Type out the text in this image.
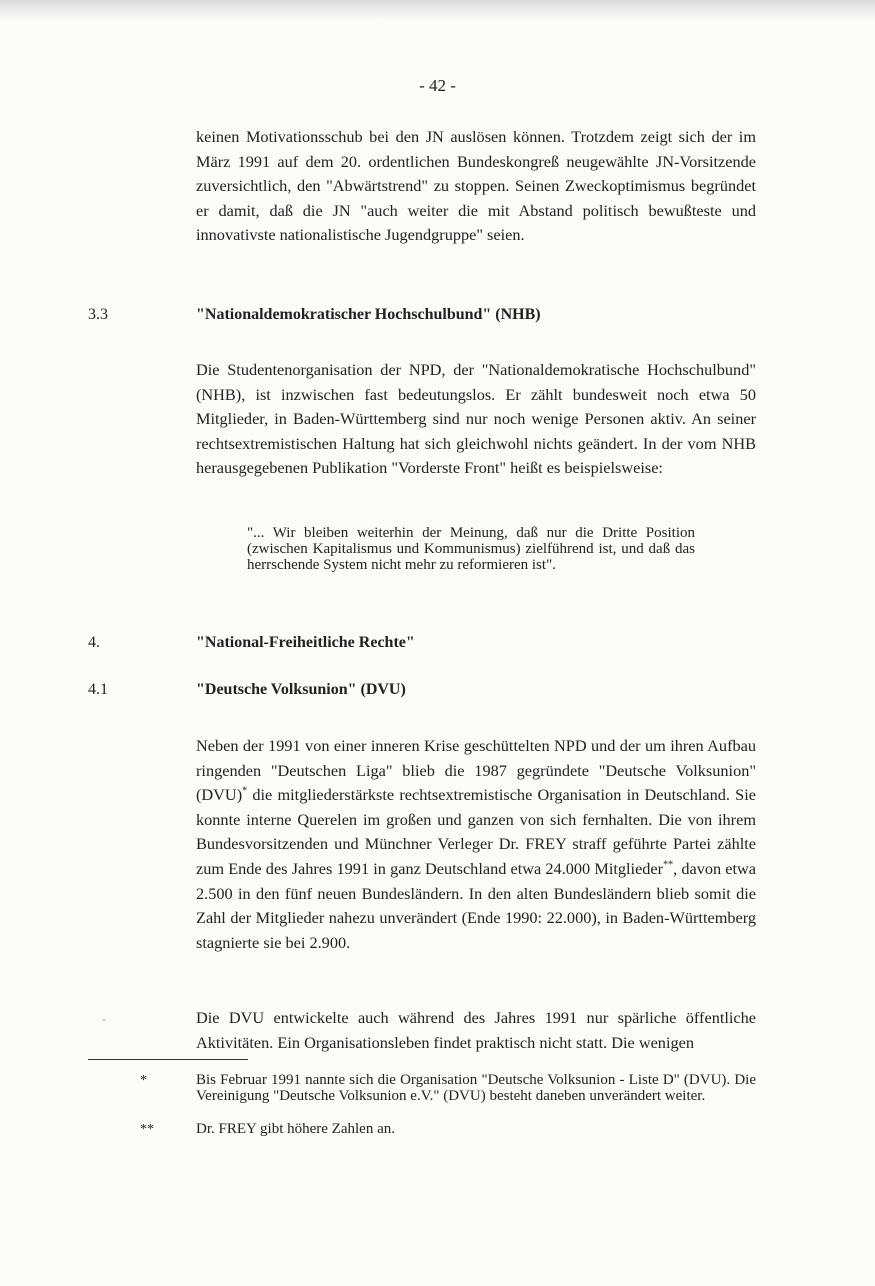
- 42 -

keinen Motivationsschub bei den JN auslösen können. Trotzdem zeigt sich der im März 1991 auf dem 20. ordentlichen Bundeskongreß neugewählte JN-Vorsitzende zuversichtlich, den "Abwärtstrend" zu stoppen. Seinen Zweckoptimismus begründet er damit, daß die JN "auch weiter die mit Abstand politisch bewußteste und innovativste nationalistische Jugendgruppe" seien.

3.3	"Nationaldemokratischer Hochschulbund" (NHB)

Die Studentenorganisation der NPD, der "Nationaldemokratische Hochschulbund" (NHB), ist inzwischen fast bedeutungslos. Er zählt bundesweit noch etwa 50 Mitglieder, in Baden-Württemberg sind nur noch wenige Personen aktiv. An seiner rechtsextremistischen Haltung hat sich gleichwohl nichts geändert. In der vom NHB herausgegebenen Publikation "Vorderste Front" heißt es beispielsweise:

"... Wir bleiben weiterhin der Meinung, daß nur die Dritte Position (zwischen Kapitalismus und Kommunismus) zielführend ist, und daß das herrschende System nicht mehr zu reformieren ist".

4.	"National-Freiheitliche Rechte"
4.1	"Deutsche Volksunion" (DVU)

Neben der 1991 von einer inneren Krise geschüttelten NPD und der um ihren Aufbau ringenden "Deutschen Liga" blieb die 1987 gegründete "Deutsche Volksunion" (DVU)* die mitgliederstärkste rechtsextremistische Organisation in Deutschland. Sie konnte interne Querelen im großen und ganzen von sich fernhalten. Die von ihrem Bundesvorsitzenden und Münchner Verleger Dr. FREY straff geführte Partei zählte zum Ende des Jahres 1991 in ganz Deutschland etwa 24.000 Mitglieder**, davon etwa 2.500 in den fünf neuen Bundesländern. In den alten Bundesländern blieb somit die Zahl der Mitglieder nahezu unverändert (Ende 1990: 22.000), in Baden-Württemberg stagnierte sie bei 2.900.

-	Die DVU entwickelte auch während des Jahres 1991 nur spärliche öffentliche Aktivitäten. Ein Organisationsleben findet praktisch nicht statt. Die wenigen

*	Bis Februar 1991 nannte sich die Organisation "Deutsche Volksunion - Liste D" (DVU). Die Vereinigung "Deutsche Volksunion e.V." (DVU) besteht daneben unverändert weiter.

**	Dr. FREY gibt höhere Zahlen an.
